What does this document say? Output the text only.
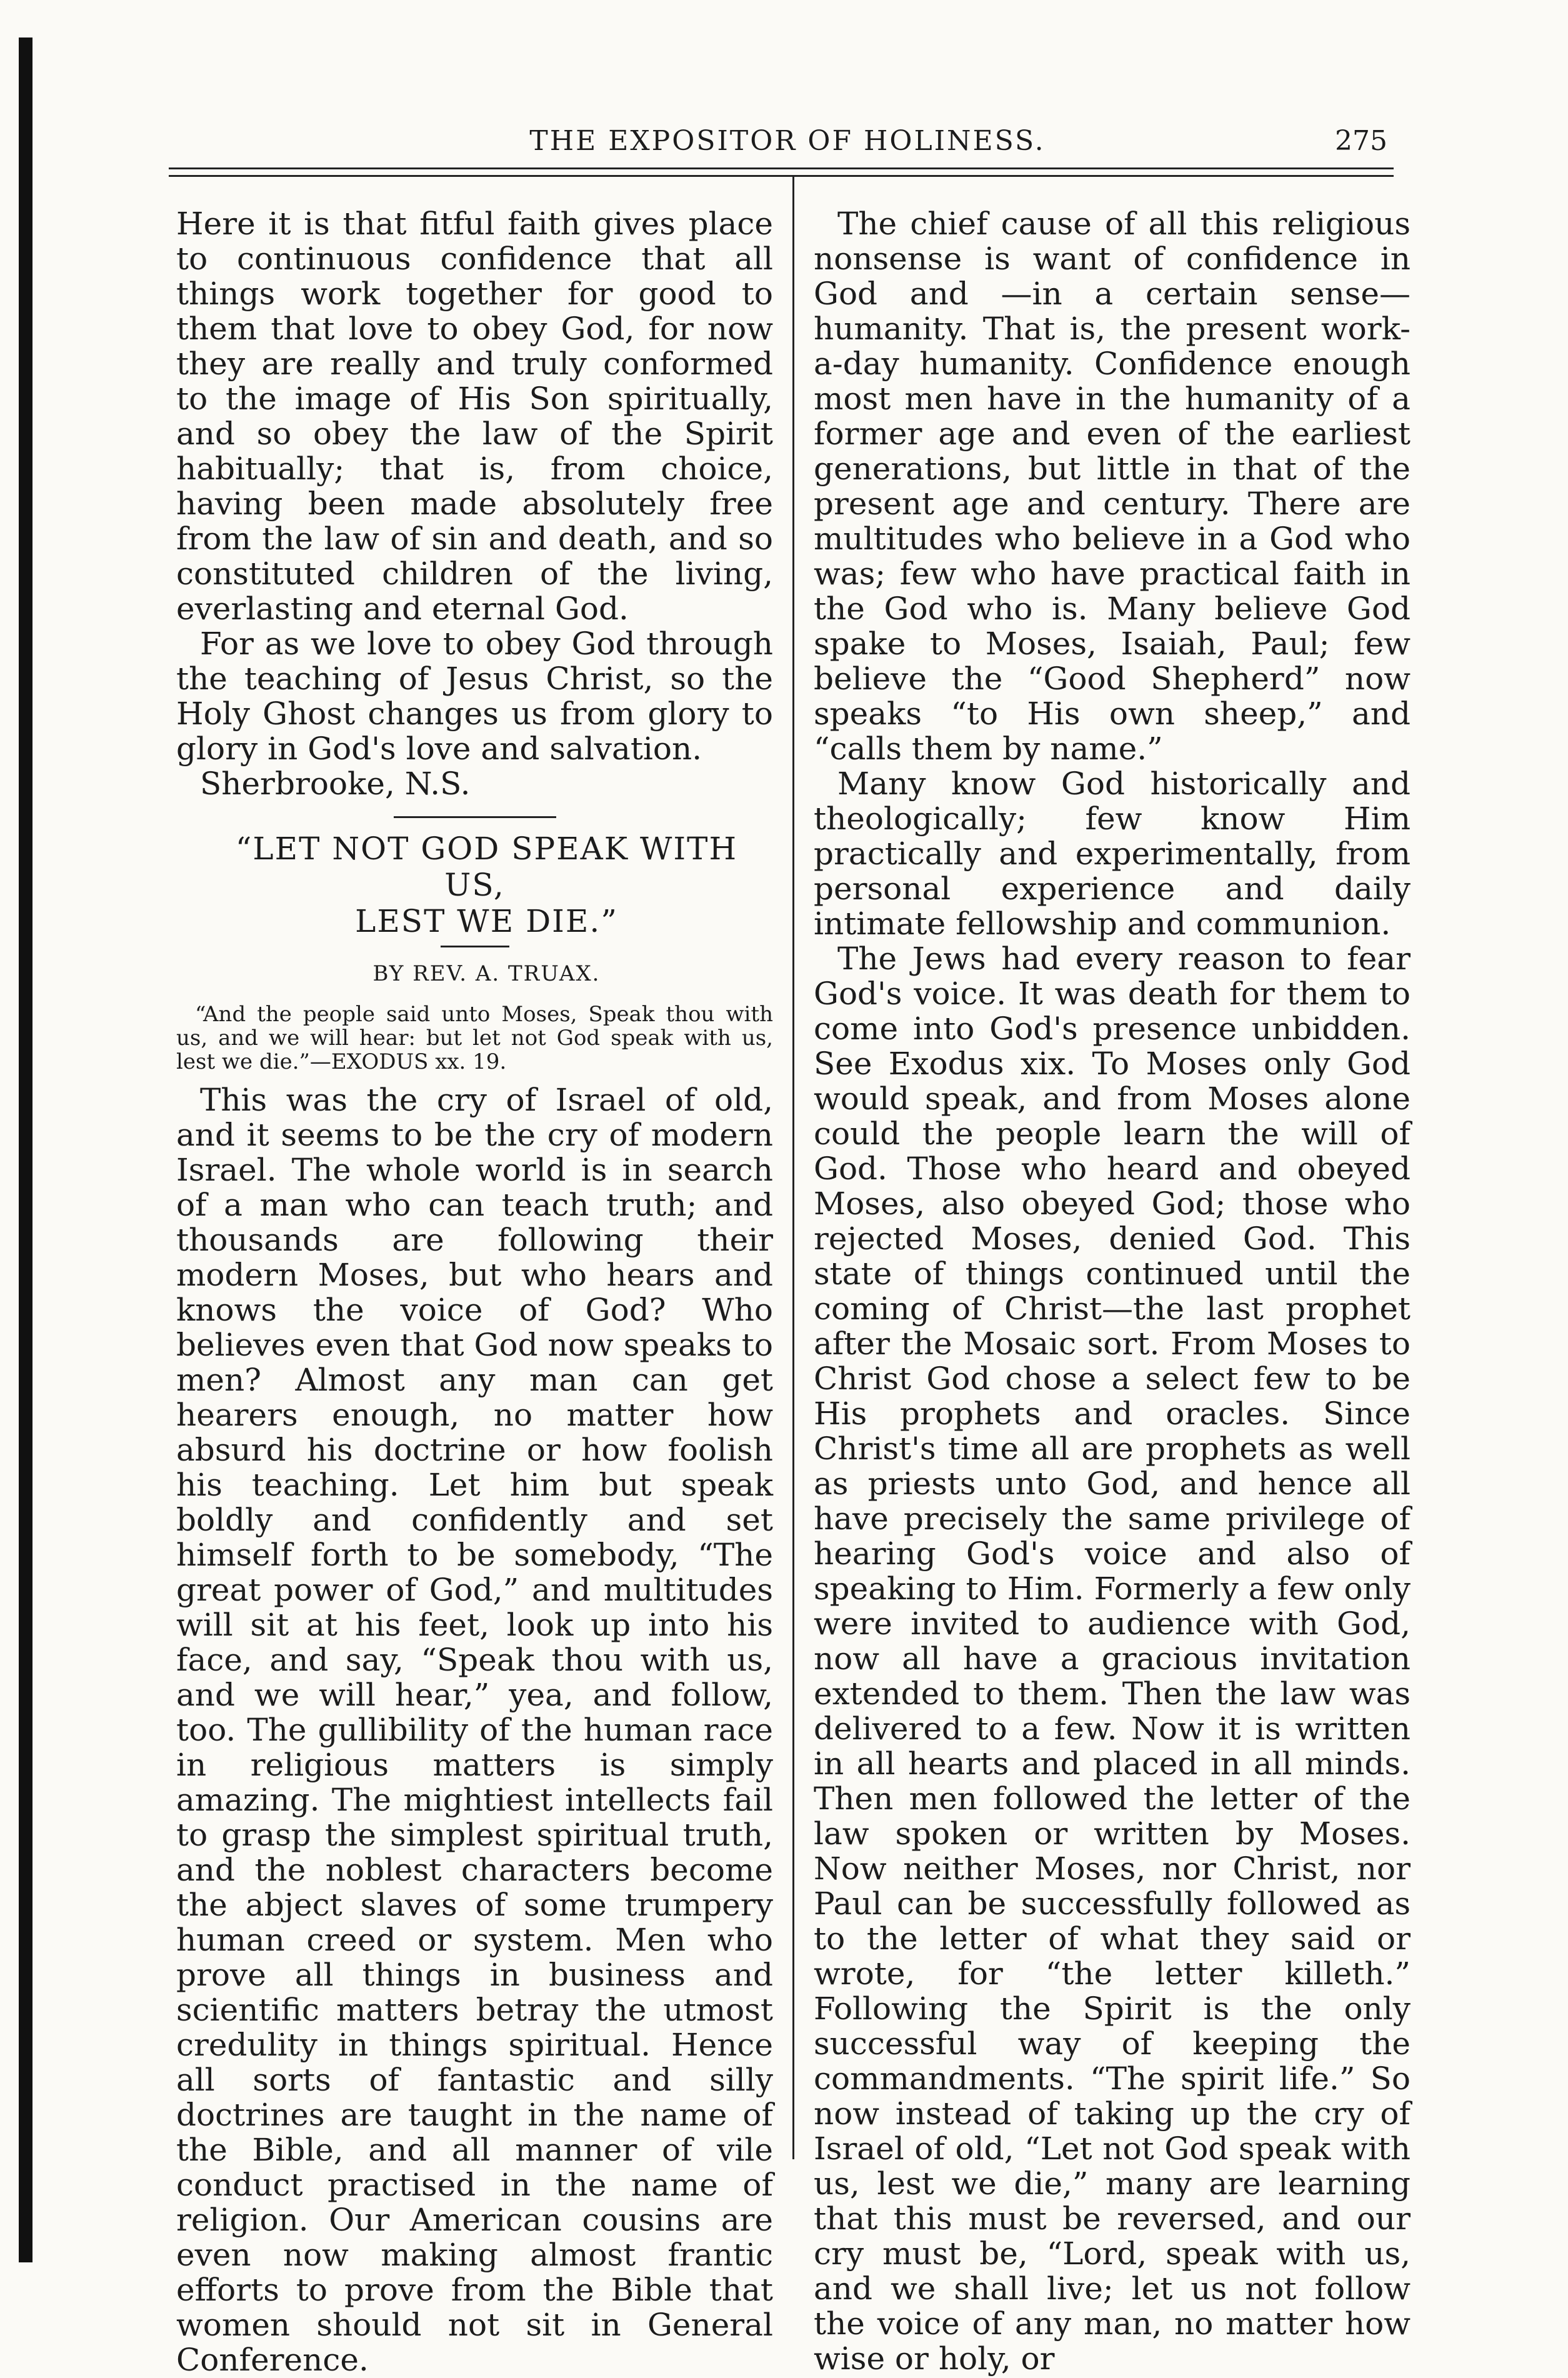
THE EXPOSITOR OF HOLINESS.	275

Here it is that fitful faith gives place to continuous confidence that all things work together for good to them that love to obey God, for now they are really and truly conformed to the image of His Son spiritually, and so obey the law of the Spirit habitually; that is, from choice, having been made absolutely free from the law of sin and death, and so constituted children of the living, everlasting and eternal God.

For as we love to obey God through the teaching of Jesus Christ, so the Holy Ghost changes us from glory to glory in God's love and salvation.

Sherbrooke, N.S.

“LET NOT GOD SPEAK WITH US,

LEST WE DIE.”

BY REV. A. TRUAX.

“And the people said unto Moses, Speak thou with us, and we will hear: but let not God speak with us, lest we die.”—EXODUS xx. 19.

This was the cry of Israel of old, and it seems to be the cry of modern Israel. The whole world is in search of a man who can teach truth; and thousands are following their modern Moses, but who hears and knows the voice of God? Who believes even that God now speaks to men? Almost any man can get hearers enough, no matter how absurd his doctrine or how foolish his teaching. Let him but speak boldly and confidently and set himself forth to be somebody, “The great power of God,” and multitudes will sit at his feet, look up into his face, and say, “Speak thou with us, and we will hear,” yea, and follow, too. The gullibility of the human race in religious matters is simply amazing. The mightiest intellects fail to grasp the simplest spiritual truth, and the noblest characters become the abject slaves of some trumpery human creed or system. Men who prove all things in business and scientific matters betray the utmost credulity in things spiritual. Hence all sorts of fantastic and silly doctrines are taught in the name of the Bible, and all manner of vile conduct practised in the name of religion. Our American cousins are even now making almost frantic efforts to prove from the Bible that women should not sit in General Conference.

The chief cause of all this religious nonsense is want of confidence in God and —in a certain sense—humanity. That is, the present work-a-day humanity. Confidence enough most men have in the humanity of a former age and even of the earliest generations, but little in that of the present age and century. There are multitudes who believe in a God who was; few who have practical faith in the God who is. Many believe God spake to Moses, Isaiah, Paul; few believe the “Good Shepherd” now speaks “to His own sheep,” and “calls them by name.”

Many know God historically and theologically; few know Him practically and experimentally, from personal experience and daily intimate fellowship and communion.

The Jews had every reason to fear God's voice. It was death for them to come into God's presence unbidden. See Exodus xix. To Moses only God would speak, and from Moses alone could the people learn the will of God. Those who heard and obeyed Moses, also obeyed God; those who rejected Moses, denied God. This state of things continued until the coming of Christ—the last prophet after the Mosaic sort. From Moses to Christ God chose a select few to be His prophets and oracles. Since Christ's time all are prophets as well as priests unto God, and hence all have precisely the same privilege of hearing God's voice and also of speaking to Him. Formerly a few only were invited to audience with God, now all have a gracious invitation extended to them. Then the law was delivered to a few. Now it is written in all hearts and placed in all minds. Then men followed the letter of the law spoken or written by Moses. Now neither Moses, nor Christ, nor Paul can be successfully followed as to the letter of what they said or wrote, for “the letter killeth.” Following the Spirit is the only successful way of keeping the commandments. “The spirit life.” So now instead of taking up the cry of Israel of old, “Let not God speak with us, lest we die,” many are learning that this must be reversed, and our cry must be, “Lord, speak with us, and we shall live; let us not follow the voice of any man, no matter how wise or holy, or
